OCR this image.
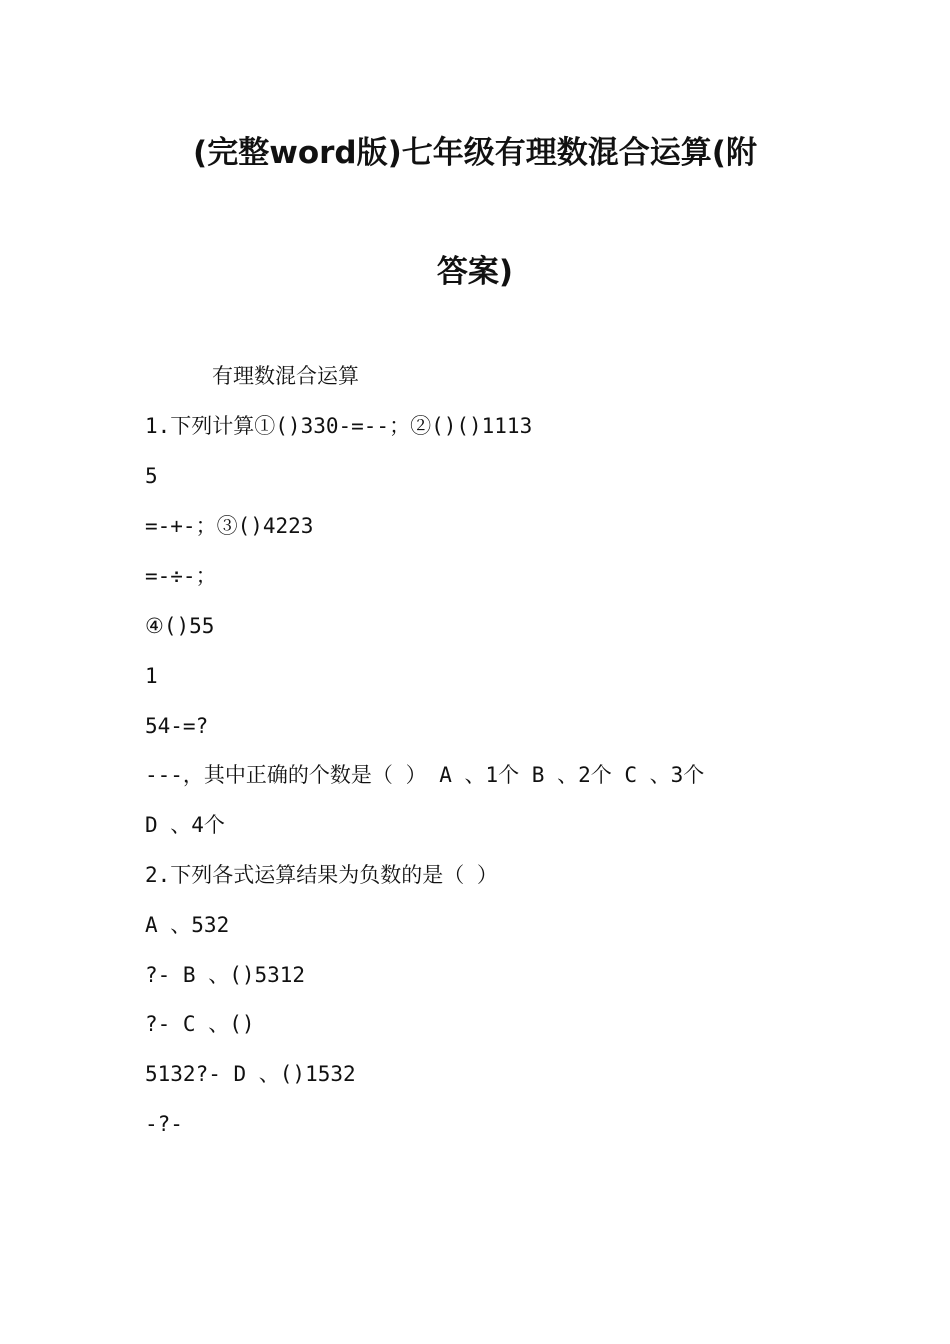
(完整word版)七年级有理数混合运算(附
答案)
有理数混合运算
1.下列计算①()330-=--；②()()1113
5
=-+-；③()4223
=-÷-；
④()55
1
54-=?
---，其中正确的个数是（ ） A 、1个 B 、2个 C 、3个
D 、4个
2.下列各式运算结果为负数的是（ ）
A 、532
?- B 、()5312
?- C 、()
5132?- D 、()1532
-?-
